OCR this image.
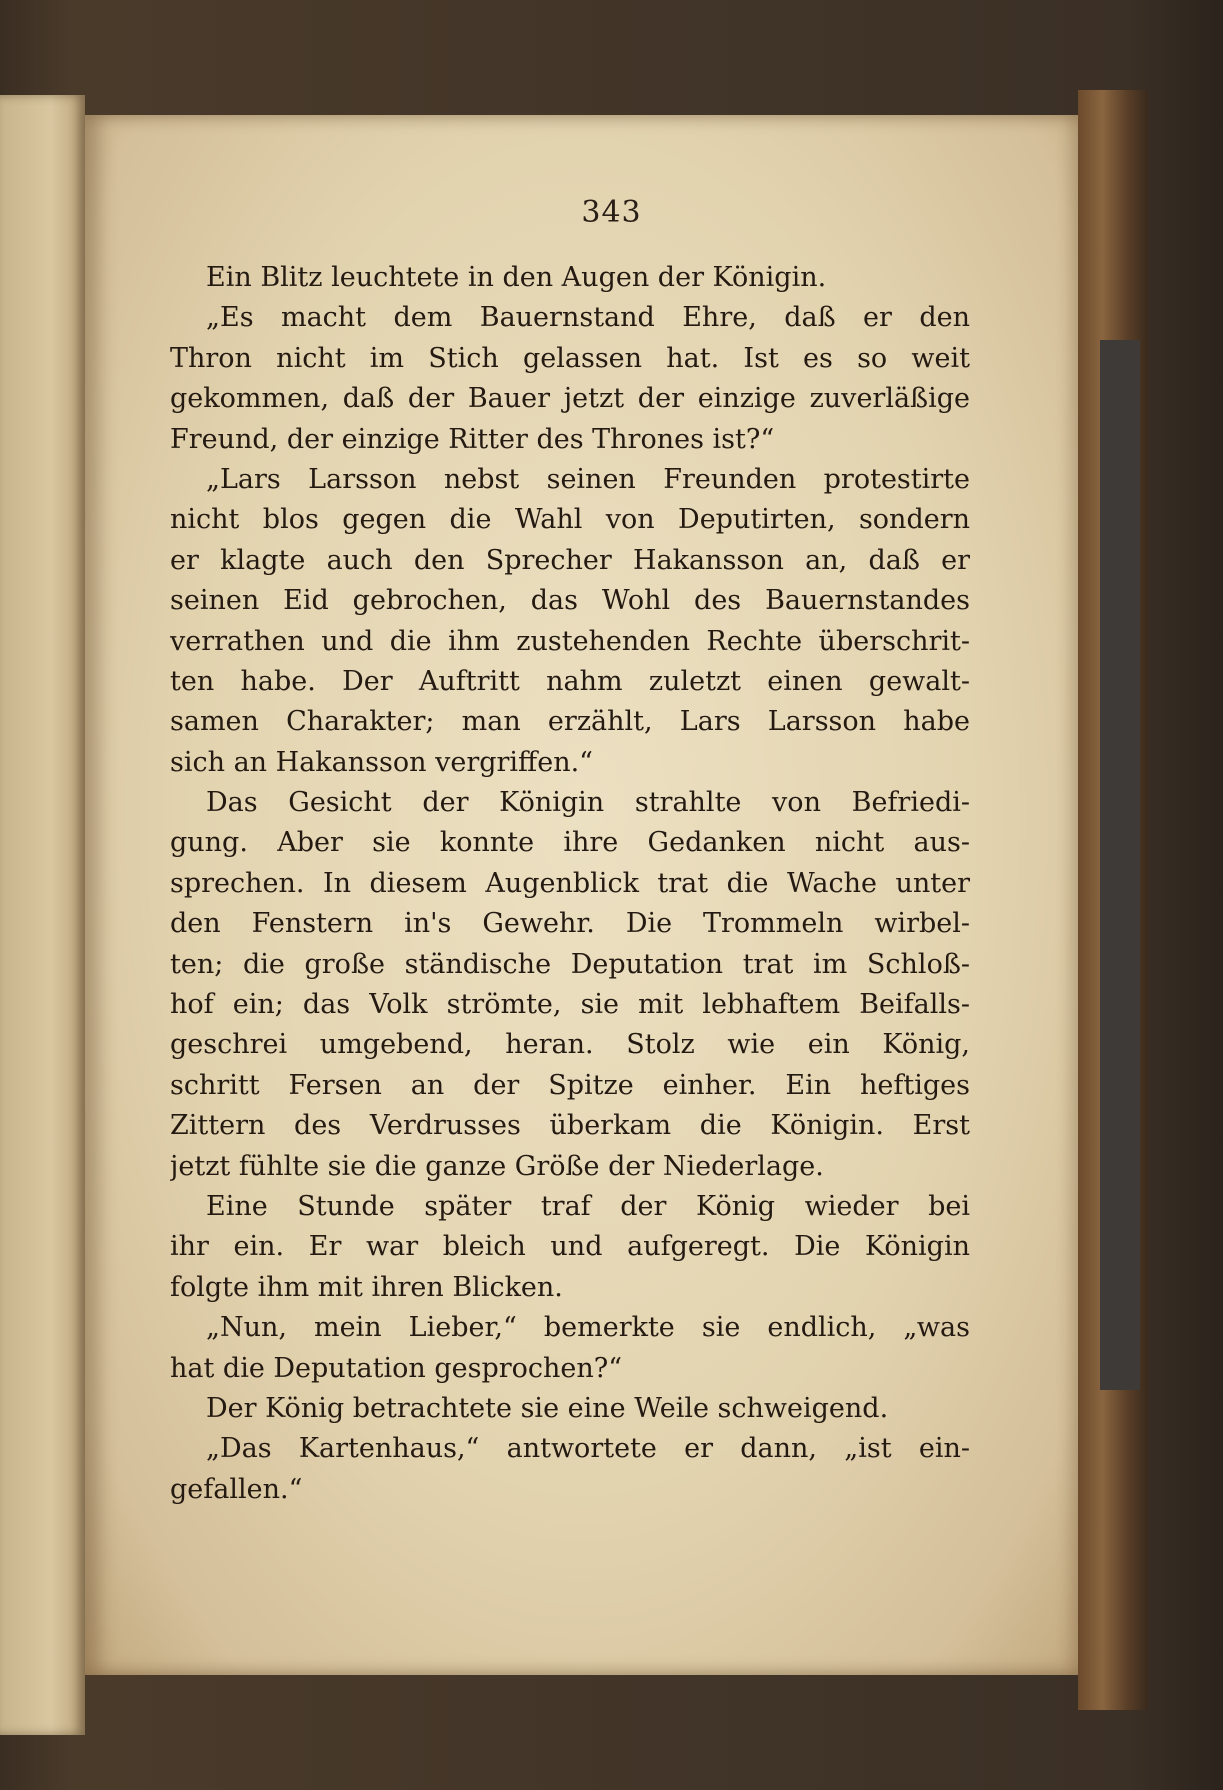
343
Ein Blitz leuchtete in den Augen der Königin.
„Es macht dem Bauernstand Ehre, daß er den
Thron nicht im Stich gelassen hat. Ist es so weit
gekommen, daß der Bauer jetzt der einzige zuverläßige
Freund, der einzige Ritter des Thrones ist?“
„Lars Larsson nebst seinen Freunden protestirte
nicht blos gegen die Wahl von Deputirten, sondern
er klagte auch den Sprecher Hakansson an, daß er
seinen Eid gebrochen, das Wohl des Bauernstandes
verrathen und die ihm zustehenden Rechte überschrit-
ten habe. Der Auftritt nahm zuletzt einen gewalt-
samen Charakter; man erzählt, Lars Larsson habe
sich an Hakansson vergriffen.“
Das Gesicht der Königin strahlte von Befriedi-
gung. Aber sie konnte ihre Gedanken nicht aus-
sprechen. In diesem Augenblick trat die Wache unter
den Fenstern in's Gewehr. Die Trommeln wirbel-
ten; die große ständische Deputation trat im Schloß-
hof ein; das Volk strömte, sie mit lebhaftem Beifalls-
geschrei umgebend, heran. Stolz wie ein König,
schritt Fersen an der Spitze einher. Ein heftiges
Zittern des Verdrusses überkam die Königin. Erst
jetzt fühlte sie die ganze Größe der Niederlage.
Eine Stunde später traf der König wieder bei
ihr ein. Er war bleich und aufgeregt. Die Königin
folgte ihm mit ihren Blicken.
„Nun, mein Lieber,“ bemerkte sie endlich, „was
hat die Deputation gesprochen?“
Der König betrachtete sie eine Weile schweigend.
„Das Kartenhaus,“ antwortete er dann, „ist ein-
gefallen.“
